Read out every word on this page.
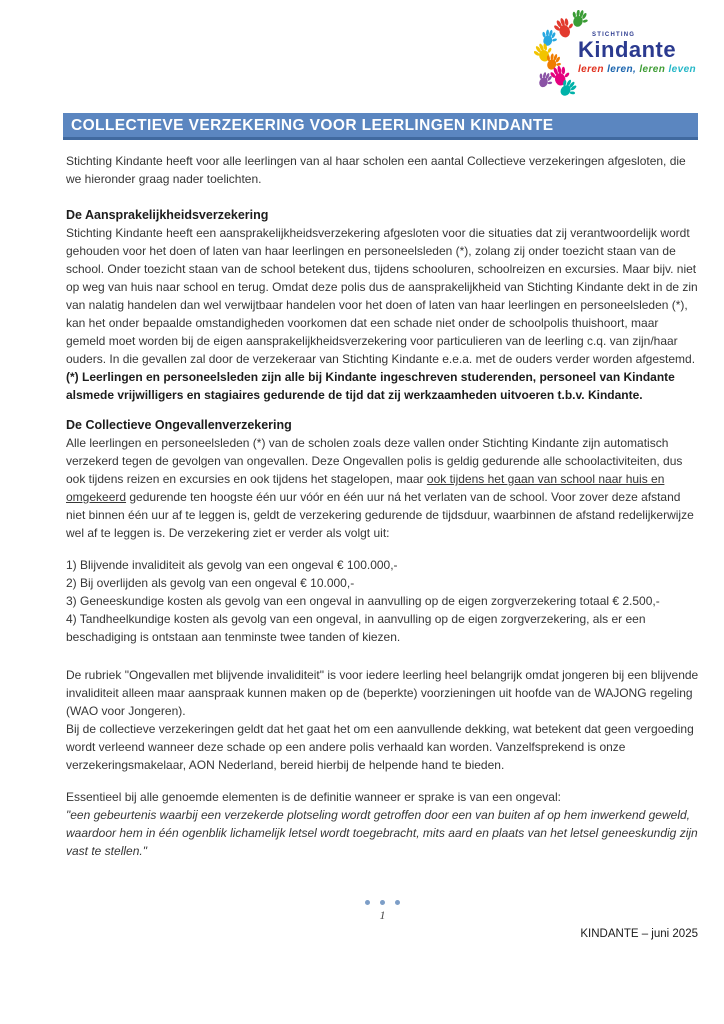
STICHTING
Kindante
leren leren, leren leven
COLLECTIEVE VERZEKERING VOOR LEERLINGEN KINDANTE

Stichting Kindante heeft voor alle leerlingen van al haar scholen een aantal Collectieve verzekeringen afgesloten, die we hieronder graag nader toelichten.

De Aansprakelijkheidsverzekering

Stichting Kindante heeft een aansprakelijkheidsverzekering afgesloten voor die situaties dat zij verantwoordelijk wordt gehouden voor het doen of laten van haar leerlingen en personeelsleden (*), zolang zij onder toezicht staan van de school. Onder toezicht staan van de school betekent dus, tijdens schooluren, schoolreizen en excursies. Maar bijv. niet op weg van huis naar school en terug. Omdat deze polis dus de aansprakelijkheid van Stichting Kindante dekt in de zin van nalatig handelen dan wel verwijtbaar handelen voor het doen of laten van haar leerlingen en personeelsleden (*), kan het onder bepaalde omstandigheden voorkomen dat een schade niet onder de schoolpolis thuishoort, maar gemeld moet worden bij de eigen aansprakelijkheidsverzekering voor particulieren van de leerling c.q. van zijn/haar ouders. In die gevallen zal door de verzekeraar van Stichting Kindante e.e.a. met de ouders verder worden afgestemd.

(*) Leerlingen en personeelsleden zijn alle bij Kindante ingeschreven studerenden, personeel van Kindante alsmede vrijwilligers en stagiaires gedurende de tijd dat zij werkzaamheden uitvoeren t.b.v. Kindante.

De Collectieve Ongevallenverzekering

Alle leerlingen en personeelsleden (*) van de scholen zoals deze vallen onder Stichting Kindante zijn automatisch verzekerd tegen de gevolgen van ongevallen. Deze Ongevallen polis is geldig gedurende alle schoolactiviteiten, dus ook tijdens reizen en excursies en ook tijdens het stagelopen, maar ook tijdens het gaan van school naar huis en omgekeerd gedurende ten hoogste één uur vóór en één uur ná het verlaten van de school. Voor zover deze afstand niet binnen één uur af te leggen is, geldt de verzekering gedurende de tijdsduur, waarbinnen de afstand redelijkerwijze wel af te leggen is. De verzekering ziet er verder als volgt uit:

1) Blijvende invaliditeit als gevolg van een ongeval € 100.000,-
2) Bij overlijden als gevolg van een ongeval € 10.000,-
3) Geneeskundige kosten als gevolg van een ongeval in aanvulling op de eigen zorgverzekering totaal € 2.500,-
4) Tandheelkundige kosten als gevolg van een ongeval, in aanvulling op de eigen zorgverzekering, als er een beschadiging is ontstaan aan tenminste twee tanden of kiezen.

De rubriek "Ongevallen met blijvende invaliditeit" is voor iedere leerling heel belangrijk omdat jongeren bij een blijvende invaliditeit alleen maar aanspraak kunnen maken op de (beperkte) voorzieningen uit hoofde van de WAJONG regeling (WAO voor Jongeren).

Bij de collectieve verzekeringen geldt dat het gaat het om een aanvullende dekking, wat betekent dat geen vergoeding wordt verleend wanneer deze schade op een andere polis verhaald kan worden. Vanzelfsprekend is onze verzekeringsmakelaar, AON Nederland, bereid hierbij de helpende hand te bieden.

Essentieel bij alle genoemde elementen is de definitie wanneer er sprake is van een ongeval:

"een gebeurtenis waarbij een verzekerde plotseling wordt getroffen door een van buiten af op hem inwerkend geweld, waardoor hem in één ogenblik lichamelijk letsel wordt toegebracht, mits aard en plaats van het letsel geneeskundig zijn vast te stellen."

1
KINDANTE – juni 2025
